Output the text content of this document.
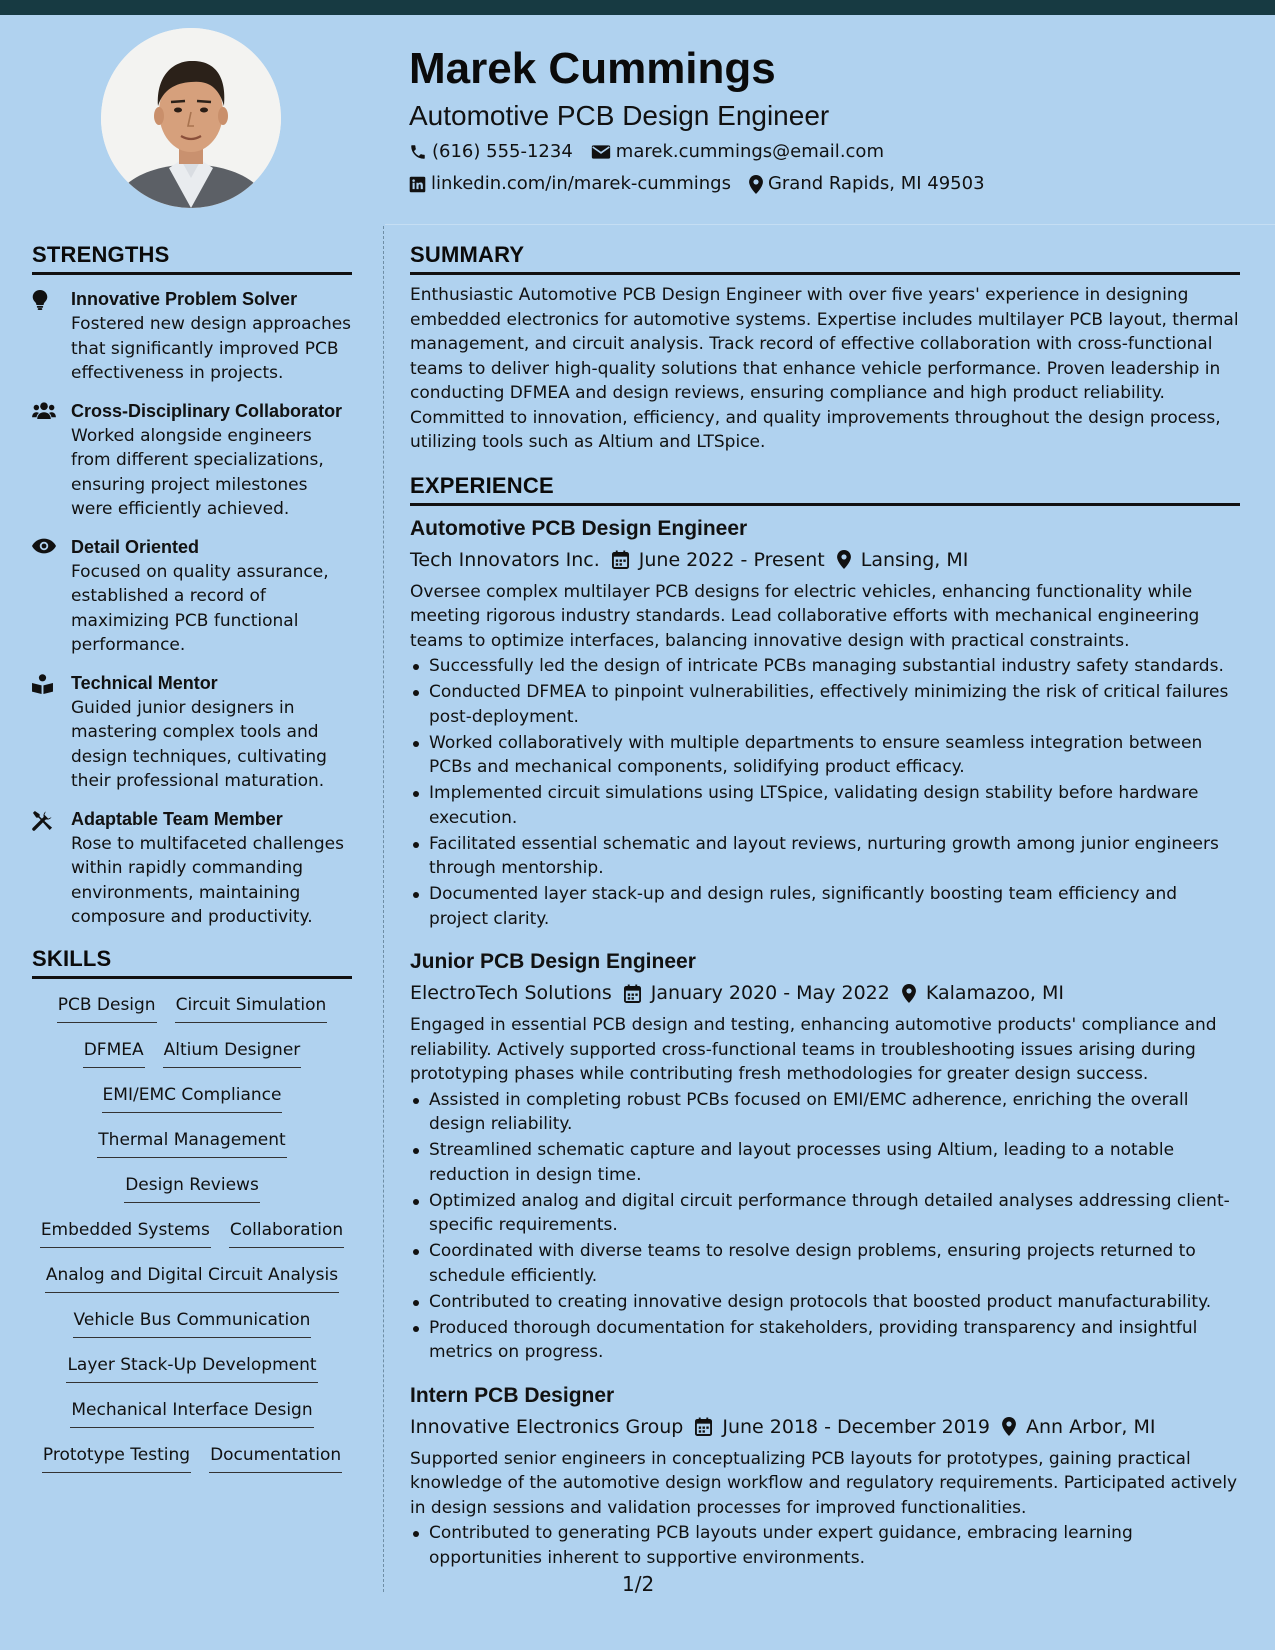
Marek Cummings
Automotive PCB Design Engineer
(616) 555-1234 marek.cummings@email.com
linkedin.com/in/marek-cummings Grand Rapids, MI 49503
STRENGTHS
Innovative Problem Solver
Fostered new design approaches that significantly improved PCB effectiveness in projects.
Cross-Disciplinary Collaborator
Worked alongside engineers from different specializations, ensuring project milestones were efficiently achieved.
Detail Oriented
Focused on quality assurance, established a record of maximizing PCB functional performance.
Technical Mentor
Guided junior designers in mastering complex tools and design techniques, cultivating their professional maturation.
Adaptable Team Member
Rose to multifaceted challenges within rapidly commanding environments, maintaining composure and productivity.
SKILLS
PCB Design Circuit Simulation
DFMEA Altium Designer
EMI/EMC Compliance
Thermal Management
Design Reviews
Embedded Systems Collaboration
Analog and Digital Circuit Analysis
Vehicle Bus Communication
Layer Stack-Up Development
Mechanical Interface Design
Prototype Testing Documentation
SUMMARY

Enthusiastic Automotive PCB Design Engineer with over five years' experience in designing embedded electronics for automotive systems. Expertise includes multilayer PCB layout, thermal management, and circuit analysis. Track record of effective collaboration with cross-functional teams to deliver high-quality solutions that enhance vehicle performance. Proven leadership in conducting DFMEA and design reviews, ensuring compliance and high product reliability. Committed to innovation, efficiency, and quality improvements throughout the design process, utilizing tools such as Altium and LTSpice.

EXPERIENCE
Automotive PCB Design Engineer
Tech Innovators Inc. June 2022 - Present Lansing, MI

Oversee complex multilayer PCB designs for electric vehicles, enhancing functionality while meeting rigorous industry standards. Lead collaborative efforts with mechanical engineering teams to optimize interfaces, balancing innovative design with practical constraints.

Successfully led the design of intricate PCBs managing substantial industry safety standards.
Conducted DFMEA to pinpoint vulnerabilities, effectively minimizing the risk of critical failures post-deployment.
Worked collaboratively with multiple departments to ensure seamless integration between PCBs and mechanical components, solidifying product efficacy.
Implemented circuit simulations using LTSpice, validating design stability before hardware execution.
Facilitated essential schematic and layout reviews, nurturing growth among junior engineers through mentorship.
Documented layer stack-up and design rules, significantly boosting team efficiency and project clarity.
Junior PCB Design Engineer
ElectroTech Solutions January 2020 - May 2022 Kalamazoo, MI

Engaged in essential PCB design and testing, enhancing automotive products' compliance and reliability. Actively supported cross-functional teams in troubleshooting issues arising during prototyping phases while contributing fresh methodologies for greater design success.

Assisted in completing robust PCBs focused on EMI/EMC adherence, enriching the overall design reliability.
Streamlined schematic capture and layout processes using Altium, leading to a notable reduction in design time.
Optimized analog and digital circuit performance through detailed analyses addressing client-specific requirements.
Coordinated with diverse teams to resolve design problems, ensuring projects returned to schedule efficiently.
Contributed to creating innovative design protocols that boosted product manufacturability.
Produced thorough documentation for stakeholders, providing transparency and insightful metrics on progress.
Intern PCB Designer
Innovative Electronics Group June 2018 - December 2019 Ann Arbor, MI

Supported senior engineers in conceptualizing PCB layouts for prototypes, gaining practical knowledge of the automotive design workflow and regulatory requirements. Participated actively in design sessions and validation processes for improved functionalities.

Contributed to generating PCB layouts under expert guidance, embracing learning opportunities inherent to supportive environments.
1/2
